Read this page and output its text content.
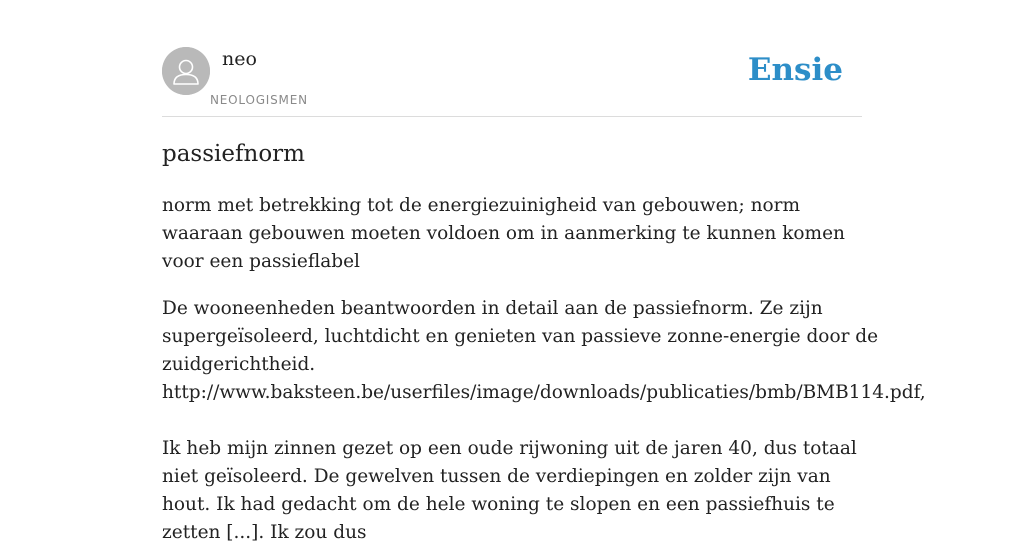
neo
NEOLOGISMEN
Ensie
passiefnorm

norm met betrekking tot de energiezuinigheid van gebouwen; norm waaraan gebouwen moeten voldoen om in aanmerking te kunnen komen voor een passieflabel

De wooneenheden beantwoorden in detail aan de passiefnorm. Ze zijn supergeïsoleerd, luchtdicht en genieten van passieve zonne-energie door de zuidgerichtheid.

http://www.baksteen.be/userfiles/image/downloads/publicaties/bmb/BMB114.pdf,

Ik heb mijn zinnen gezet op een oude rijwoning uit de jaren 40, dus totaal niet geïsoleerd. De gewelven tussen de verdiepingen en zolder zijn van hout. Ik had gedacht om de hele woning te slopen en een passiefhuis te zetten [...]. Ik zou dus
